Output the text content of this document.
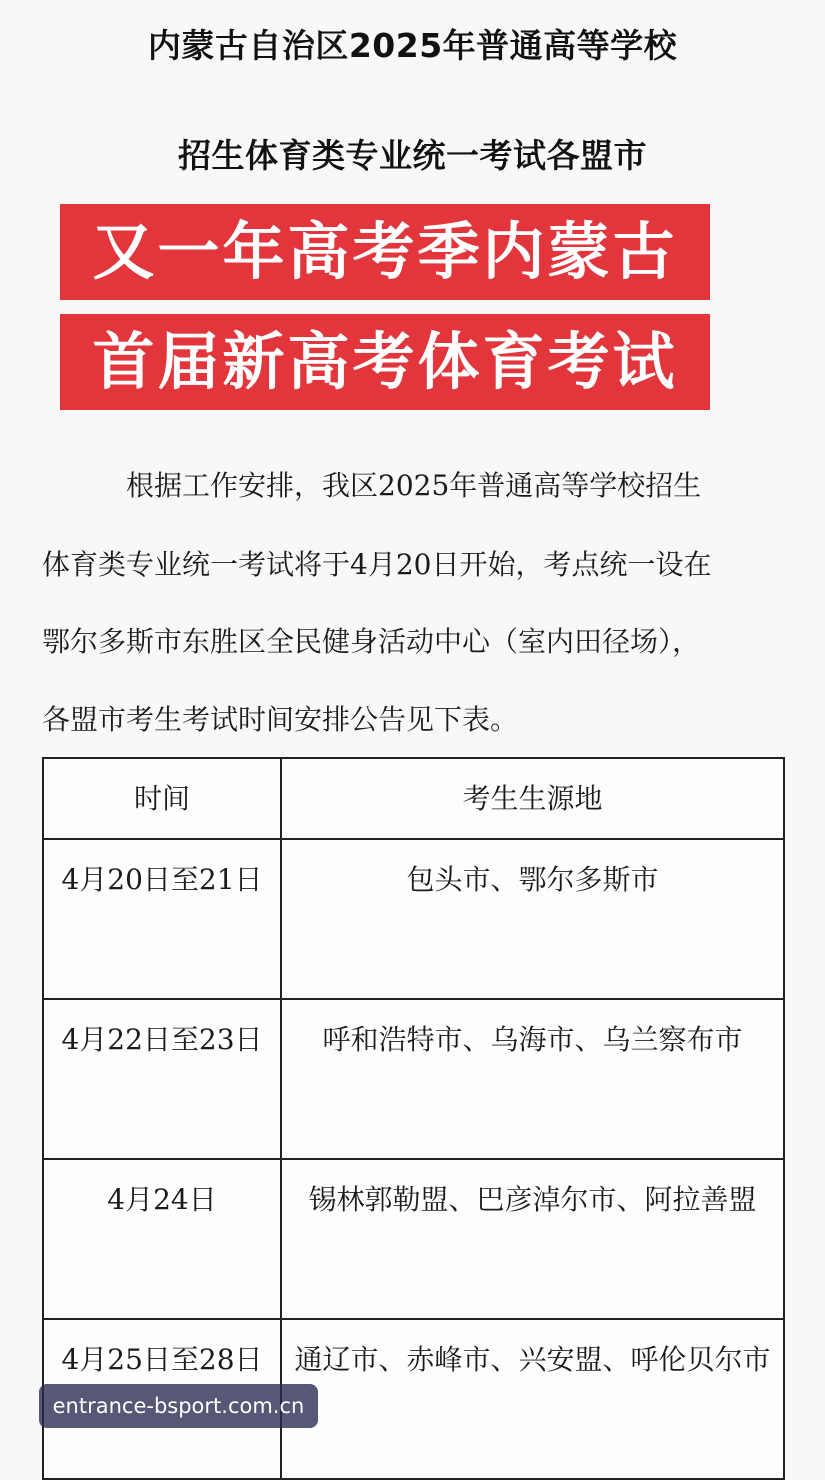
内蒙古自治区2025年普通高等学校
招生体育类专业统一考试各盟市
又一年高考季内蒙古
首届新高考体育考试
根据工作安排，我区2025年普通高等学校招生
体育类专业统一考试将于4月20日开始，考点统一设在
鄂尔多斯市东胜区全民健身活动中心（室内田径场），
各盟市考生考试时间安排公告见下表。
时间	考生生源地
4月20日至21日	包头市、鄂尔多斯市
4月22日至23日	呼和浩特市、乌海市、乌兰察布市
4月24日	锡林郭勒盟、巴彦淖尔市、阿拉善盟
4月25日至28日	通辽市、赤峰市、兴安盟、呼伦贝尔市
entrance-bsport.com.cn
